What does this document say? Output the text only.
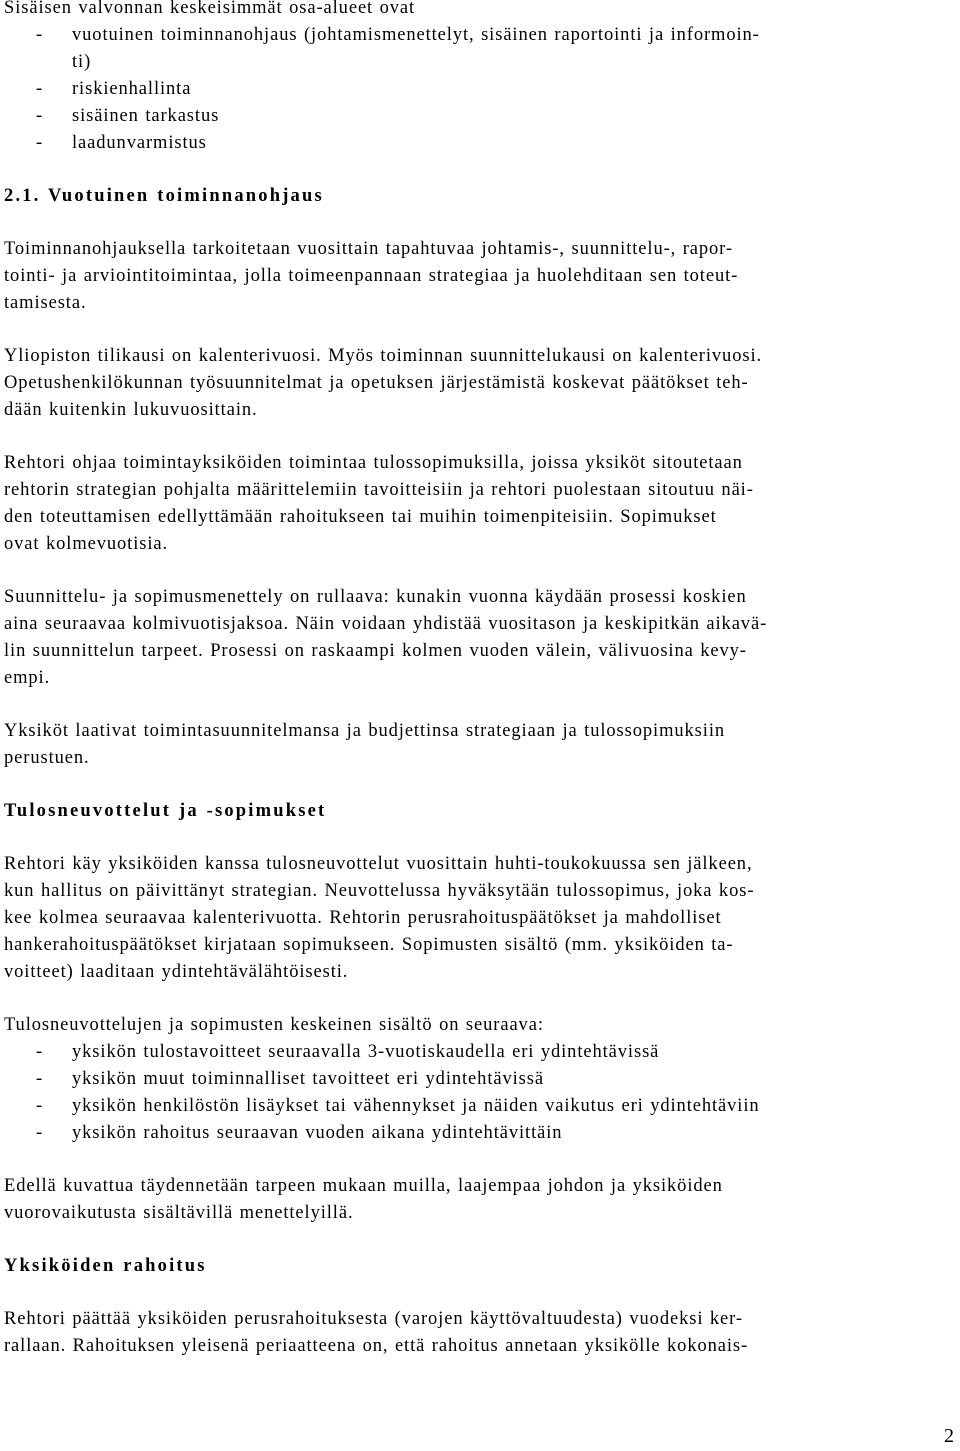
Sisäisen valvonnan keskeisimmät osa-alueet ovat
-	vuotuinen toiminnanohjaus (johtamismenettelyt, sisäinen raportointi ja informoin-
ti)
-	riskienhallinta
-	sisäinen tarkastus
-	laadunvarmistus
2.1. Vuotuinen toiminnanohjaus
Toiminnanohjauksella tarkoitetaan vuosittain tapahtuvaa johtamis-, suunnittelu-, rapor-
tointi- ja arviointitoimintaa, jolla toimeenpannaan strategiaa ja huolehditaan sen toteut-
tamisesta.
Yliopiston tilikausi on kalenterivuosi. Myös toiminnan suunnittelukausi on kalenterivuosi.
Opetushenkilökunnan työsuunnitelmat ja opetuksen järjestämistä koskevat päätökset teh-
dään kuitenkin lukuvuosittain.
Rehtori ohjaa toimintayksiköiden toimintaa tulossopimuksilla, joissa yksiköt sitoutetaan
rehtorin strategian pohjalta määrittelemiin tavoitteisiin ja rehtori puolestaan sitoutuu näi-
den toteuttamisen edellyttämään rahoitukseen tai muihin toimenpiteisiin. Sopimukset
ovat kolmevuotisia.
Suunnittelu- ja sopimusmenettely on rullaava: kunakin vuonna käydään prosessi koskien
aina seuraavaa kolmivuotisjaksoa. Näin voidaan yhdistää vuositason ja keskipitkän aikavä-
lin suunnittelun tarpeet. Prosessi on raskaampi kolmen vuoden välein, välivuosina kevy-
empi.
Yksiköt laativat toimintasuunnitelmansa ja budjettinsa strategiaan ja tulossopimuksiin
perustuen.
Tulosneuvottelut ja -sopimukset
Rehtori käy yksiköiden kanssa tulosneuvottelut vuosittain huhti-toukokuussa sen jälkeen,
kun hallitus on päivittänyt strategian. Neuvottelussa hyväksytään tulossopimus, joka kos-
kee kolmea seuraavaa kalenterivuotta. Rehtorin perusrahoituspäätökset ja mahdolliset
hankerahoituspäätökset kirjataan sopimukseen. Sopimusten sisältö (mm. yksiköiden ta-
voitteet) laaditaan ydintehtävälähtöisesti.
Tulosneuvottelujen ja sopimusten keskeinen sisältö on seuraava:
-	yksikön tulostavoitteet seuraavalla 3-vuotiskaudella eri ydintehtävissä
-	yksikön muut toiminnalliset tavoitteet eri ydintehtävissä
-	yksikön henkilöstön lisäykset tai vähennykset ja näiden vaikutus eri ydintehtäviin
-	yksikön rahoitus seuraavan vuoden aikana ydintehtävittäin
Edellä kuvattua täydennetään tarpeen mukaan muilla, laajempaa johdon ja yksiköiden
vuorovaikutusta sisältävillä menettelyillä.
Yksiköiden rahoitus
Rehtori päättää yksiköiden perusrahoituksesta (varojen käyttövaltuudesta) vuodeksi ker-
rallaan. Rahoituksen yleisenä periaatteena on, että rahoitus annetaan yksikölle kokonais-
2
